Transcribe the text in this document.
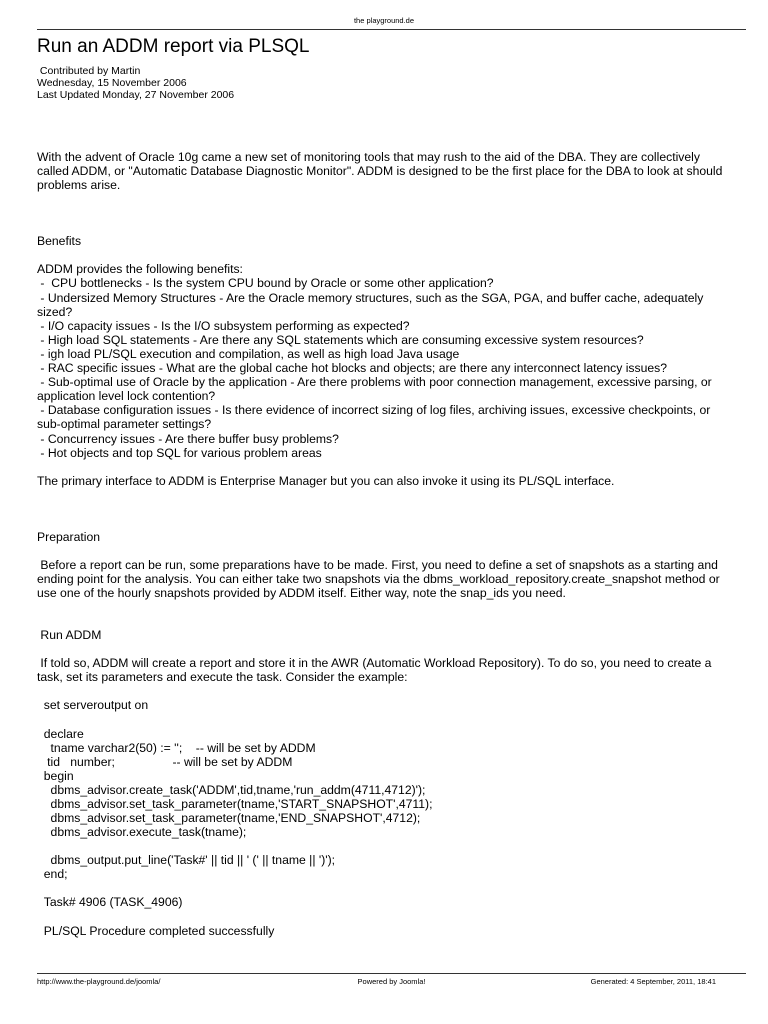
the playground.de
Run an ADDM report via PLSQL
Contributed by Martin
Wednesday, 15 November 2006
Last Updated Monday, 27 November 2006

With the advent of Oracle 10g came a new set of monitoring tools that may rush to the aid of the DBA. They are collectively called ADDM, or "Automatic Database Diagnostic Monitor". ADDM is designed to be the first place for the DBA to look at should problems arise.

Benefits

ADDM provides the following benefits:

-  CPU bottlenecks - Is the system CPU bound by Oracle or some other application?

- Undersized Memory Structures - Are the Oracle memory structures, such as the SGA, PGA, and buffer cache, adequately sized?

- I/O capacity issues - Is the I/O subsystem performing as expected?

- High load SQL statements - Are there any SQL statements which are consuming excessive system resources?

- igh load PL/SQL execution and compilation, as well as high load Java usage

- RAC specific issues - What are the global cache hot blocks and objects; are there any interconnect latency issues?

- Sub-optimal use of Oracle by the application - Are there problems with poor connection management, excessive parsing, or application level lock contention?

- Database configuration issues - Is there evidence of incorrect sizing of log files, archiving issues, excessive checkpoints, or sub-optimal parameter settings?

- Concurrency issues - Are there buffer busy problems?

- Hot objects and top SQL for various problem areas

The primary interface to ADDM is Enterprise Manager but you can also invoke it using its PL/SQL interface.

Preparation

Before a report can be run, some preparations have to be made. First, you need to define a set of snapshots as a starting and ending point for the analysis. You can either take two snapshots via the dbms_workload_repository.create_snapshot method or use one of the hourly snapshots provided by ADDM itself. Either way, note the snap_ids you need.

Run ADDM

If told so, ADDM will create a report and store it in the AWR (Automatic Workload Repository). To do so, you need to create a task, set its parameters and execute the task. Consider the example:

set serveroutput on

declare
tname varchar2(50) := '';    -- will be set by ADDM
tid   number;                 -- will be set by ADDM
begin
dbms_advisor.create_task('ADDM',tid,tname,'run_addm(4711,4712)');
dbms_advisor.set_task_parameter(tname,'START_SNAPSHOT',4711);
dbms_advisor.set_task_parameter(tname,'END_SNAPSHOT',4712);
dbms_advisor.execute_task(tname);

dbms_output.put_line('Task#' || tid || ' (' || tname || ')');
end;

Task# 4906 (TASK_4906)

PL/SQL Procedure completed successfully

http://www.the-playground.de/joomla/	Powered by Joomla!	Generated: 4 September, 2011, 18:41
